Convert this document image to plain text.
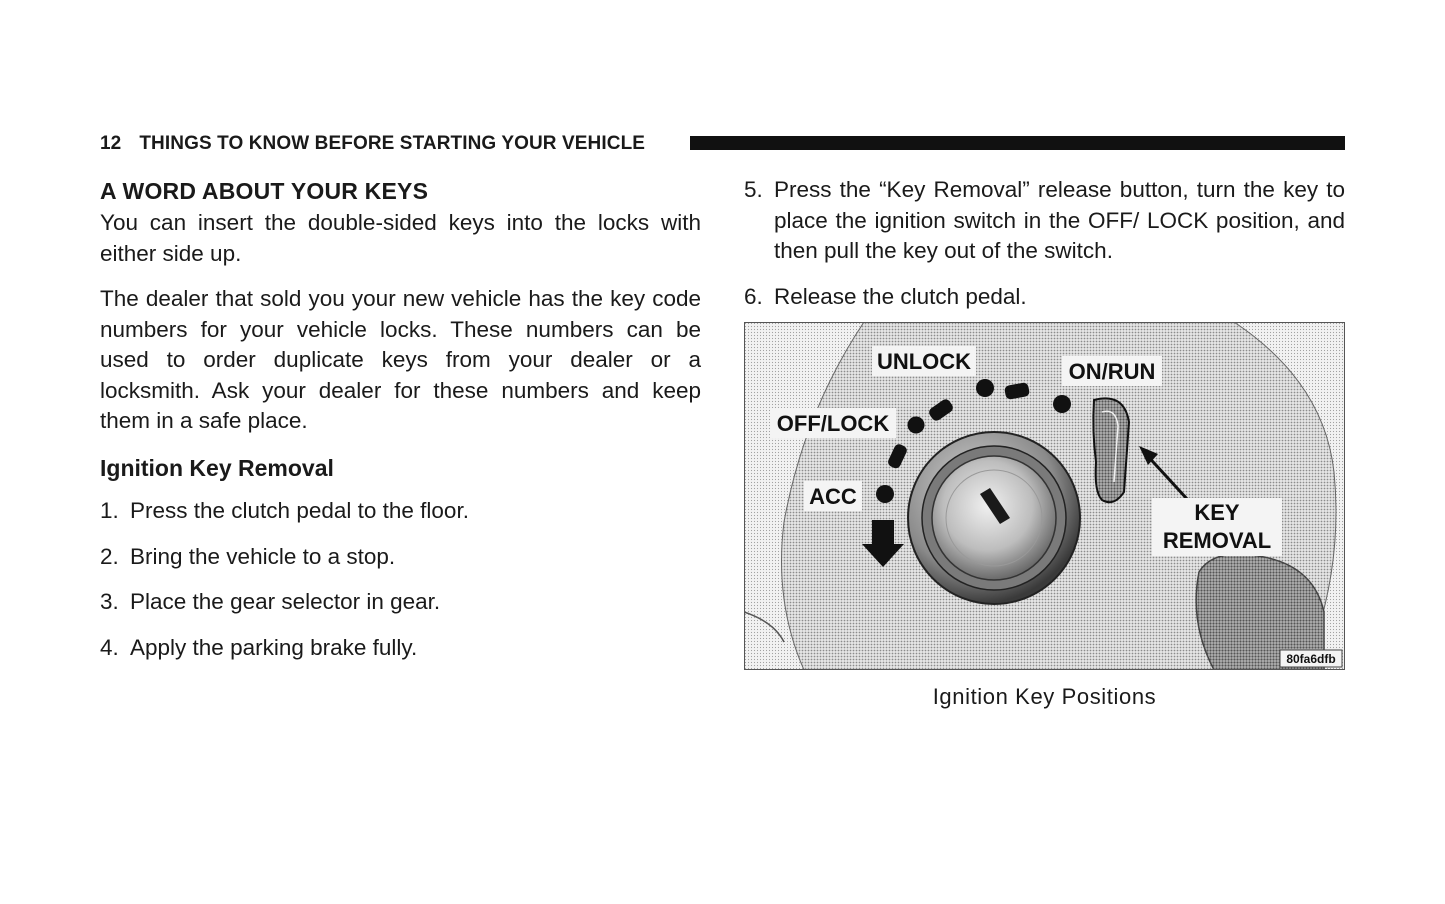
12 THINGS TO KNOW BEFORE STARTING YOUR VEHICLE
A WORD ABOUT YOUR KEYS

You can insert the double-sided keys into the locks with either side up.

The dealer that sold you your new vehicle has the key code numbers for your vehicle locks. These numbers can be used to order duplicate keys from your dealer or a locksmith. Ask your dealer for these numbers and keep them in a safe place.

Ignition Key Removal
1. Press the clutch pedal to the floor.
2. Bring the vehicle to a stop.
3. Place the gear selector in gear.
4. Apply the parking brake fully.
5. Press the “Key Removal” release button, turn the key to place the ignition switch in the OFF/ LOCK position, and then pull the key out of the switch.
6. Release the clutch pedal.
UNLOCK	ON/RUN
OFF/LOCK
ACC
KEY
REMOVAL
80fa6dfb
Ignition Key Positions
